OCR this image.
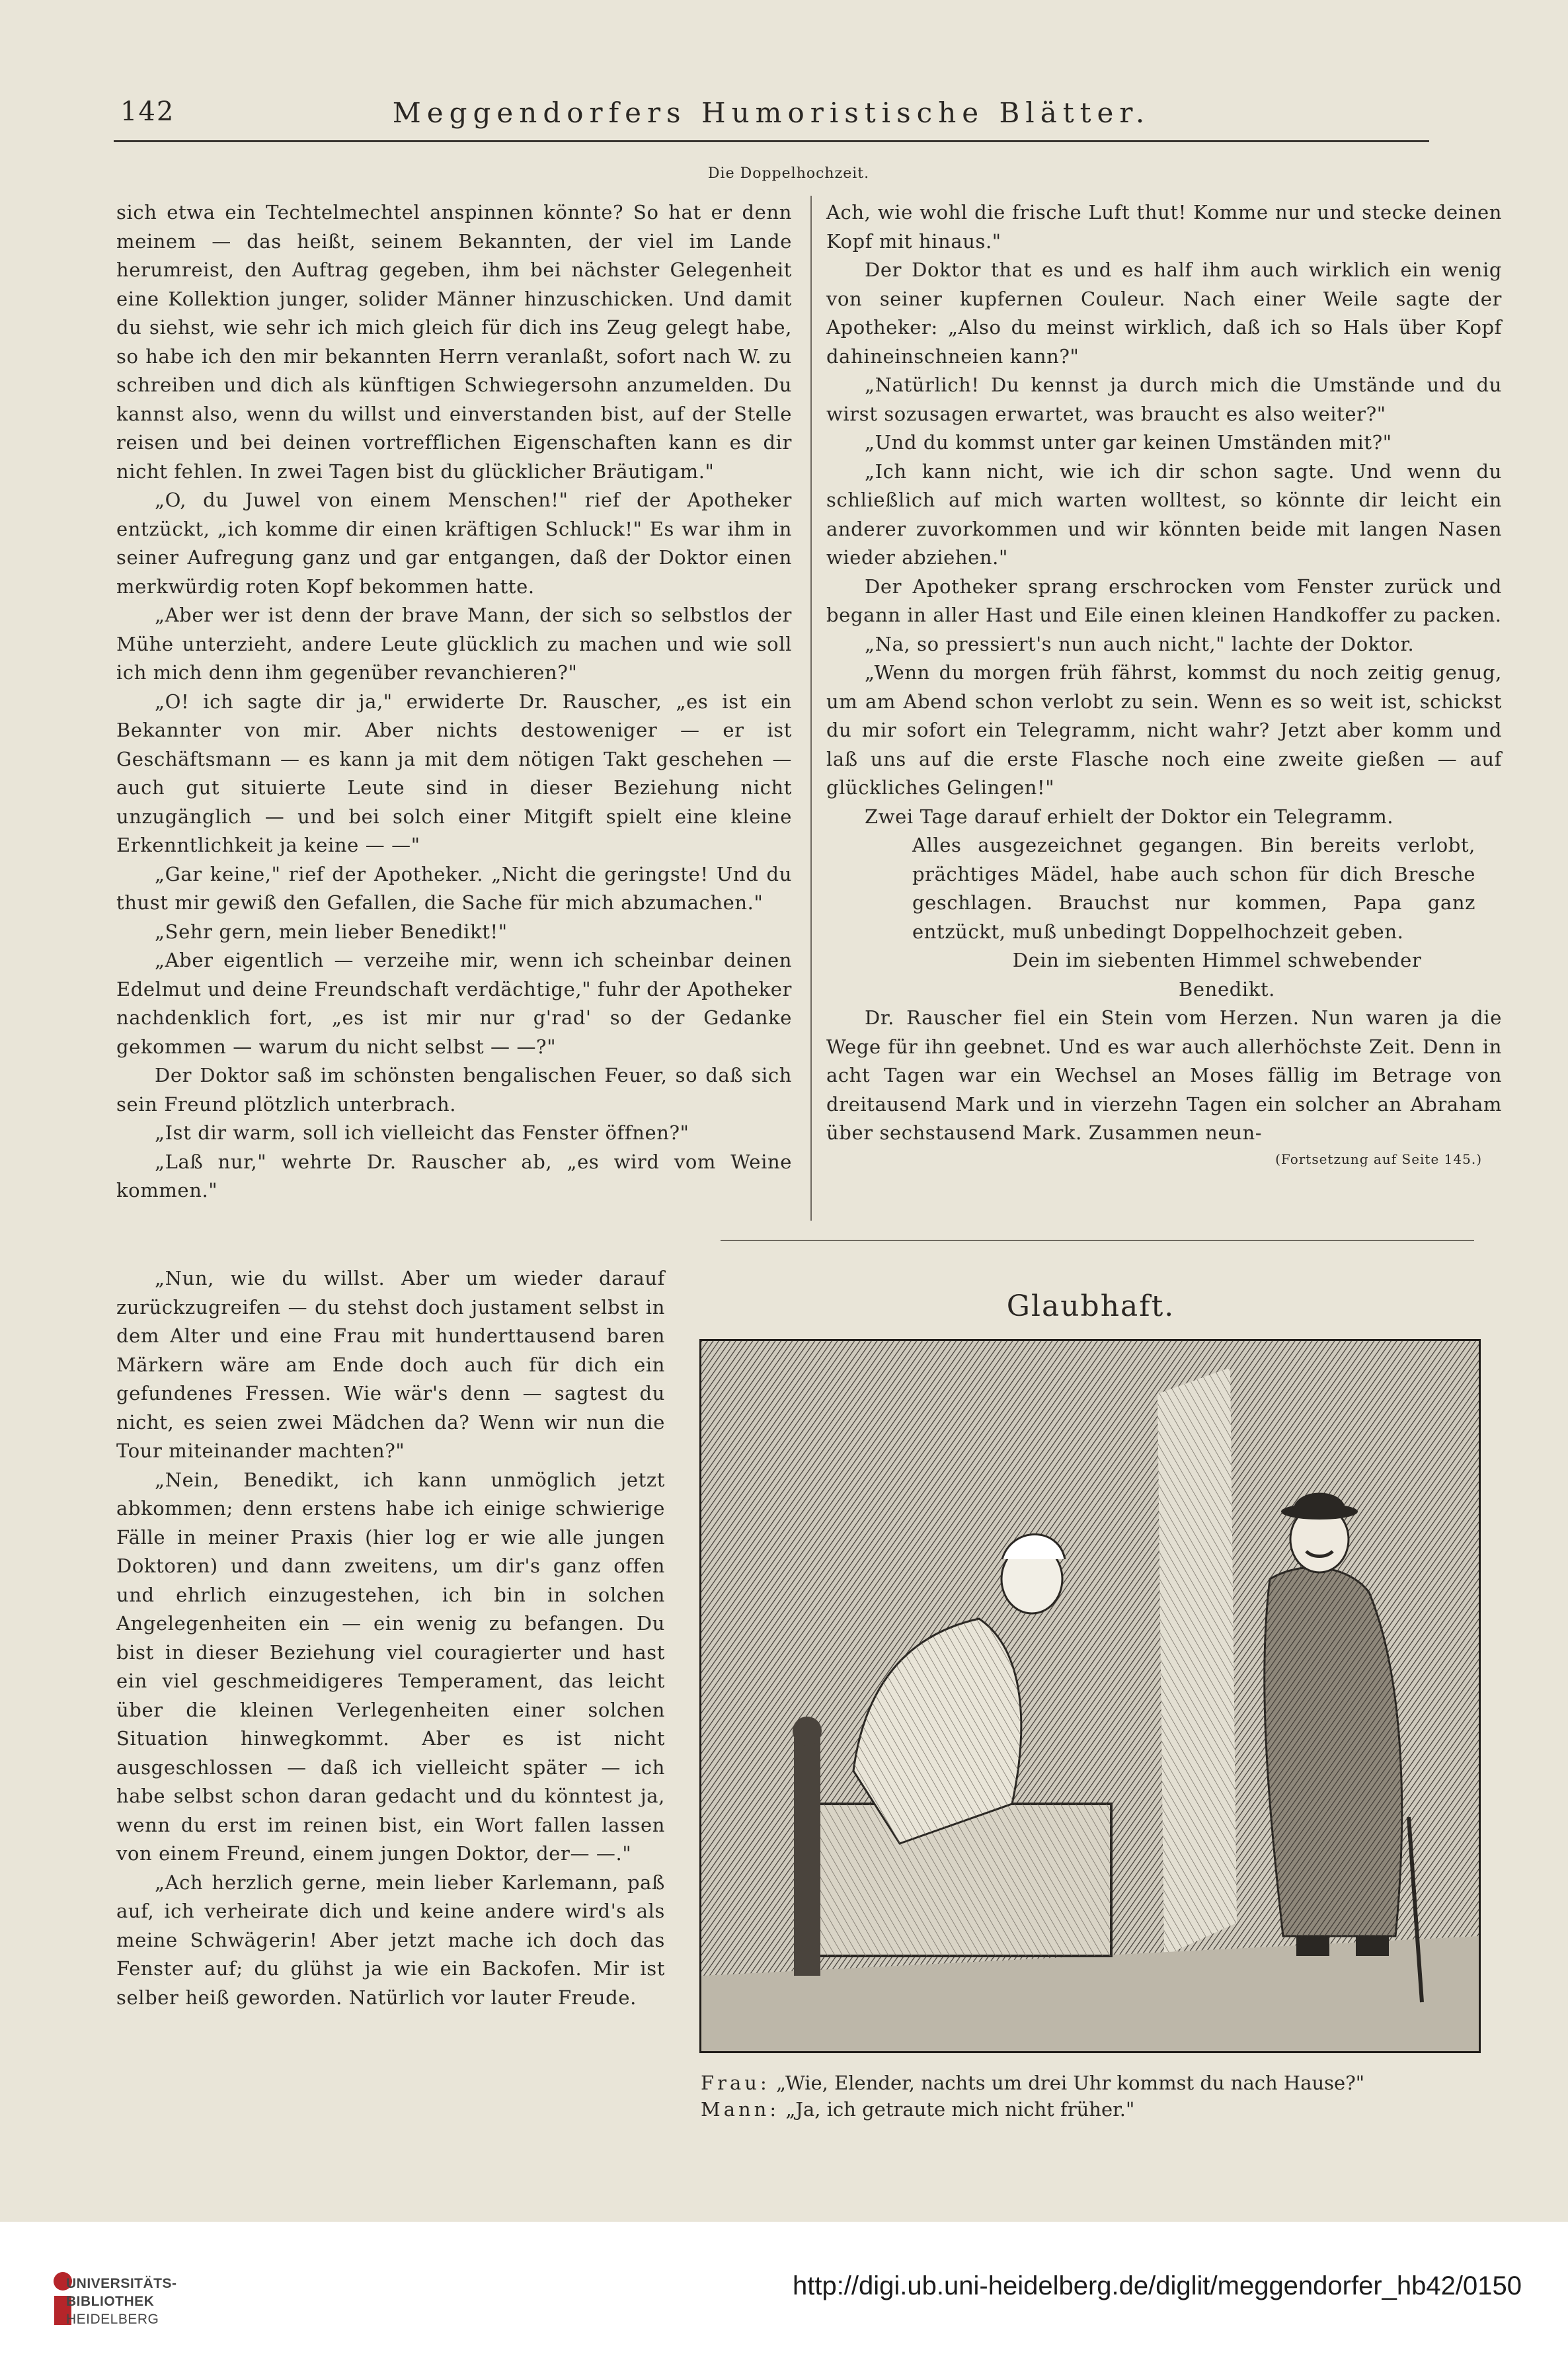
142	Meggendorfers Humoristische Blätter.
Die Doppelhochzeit.

sich etwa ein Techtelmechtel anspinnen könnte? So hat er denn meinem — das heißt, seinem Bekannten, der viel im Lande herumreist, den Auftrag gegeben, ihm bei nächster Gelegenheit eine Kollektion junger, solider Männer hinzuschicken. Und damit du siehst, wie sehr ich mich gleich für dich ins Zeug gelegt habe, so habe ich den mir bekannten Herrn veranlaßt, sofort nach W. zu schreiben und dich als künftigen Schwiegersohn anzumelden. Du kannst also, wenn du willst und einverstanden bist, auf der Stelle reisen und bei deinen vortrefflichen Eigenschaften kann es dir nicht fehlen. In zwei Tagen bist du glücklicher Bräutigam."

„O, du Juwel von einem Menschen!" rief der Apotheker entzückt, „ich komme dir einen kräftigen Schluck!" Es war ihm in seiner Aufregung ganz und gar entgangen, daß der Doktor einen merkwürdig roten Kopf bekommen hatte.

„Aber wer ist denn der brave Mann, der sich so selbstlos der Mühe unterzieht, andere Leute glücklich zu machen und wie soll ich mich denn ihm gegenüber revanchieren?"

„O! ich sagte dir ja," erwiderte Dr. Rauscher, „es ist ein Bekannter von mir. Aber nichts destoweniger — er ist Geschäftsmann — es kann ja mit dem nötigen Takt geschehen — auch gut situierte Leute sind in dieser Beziehung nicht unzugänglich — und bei solch einer Mitgift spielt eine kleine Erkenntlichkeit ja keine — —"

„Gar keine," rief der Apotheker. „Nicht die geringste! Und du thust mir gewiß den Gefallen, die Sache für mich abzumachen."

„Sehr gern, mein lieber Benedikt!"

„Aber eigentlich — verzeihe mir, wenn ich scheinbar deinen Edelmut und deine Freundschaft verdächtige," fuhr der Apotheker nachdenklich fort, „es ist mir nur g'rad' so der Gedanke gekommen — warum du nicht selbst — —?"

Der Doktor saß im schönsten bengalischen Feuer, so daß sich sein Freund plötzlich unterbrach.

„Ist dir warm, soll ich vielleicht das Fenster öffnen?"

„Laß nur," wehrte Dr. Rauscher ab, „es wird vom Weine kommen."

Ach, wie wohl die frische Luft thut! Komme nur und stecke deinen Kopf mit hinaus."

Der Doktor that es und es half ihm auch wirklich ein wenig von seiner kupfernen Couleur. Nach einer Weile sagte der Apotheker: „Also du meinst wirklich, daß ich so Hals über Kopf dahineinschneien kann?"

„Natürlich! Du kennst ja durch mich die Umstände und du wirst sozusagen erwartet, was braucht es also weiter?"

„Und du kommst unter gar keinen Umständen mit?"

„Ich kann nicht, wie ich dir schon sagte. Und wenn du schließlich auf mich warten wolltest, so könnte dir leicht ein anderer zuvorkommen und wir könnten beide mit langen Nasen wieder abziehen."

Der Apotheker sprang erschrocken vom Fenster zurück und begann in aller Hast und Eile einen kleinen Handkoffer zu packen.

„Na, so pressiert's nun auch nicht," lachte der Doktor.

„Wenn du morgen früh fährst, kommst du noch zeitig genug, um am Abend schon verlobt zu sein. Wenn es so weit ist, schickst du mir sofort ein Telegramm, nicht wahr? Jetzt aber komm und laß uns auf die erste Flasche noch eine zweite gießen — auf glückliches Gelingen!"

Zwei Tage darauf erhielt der Doktor ein Telegramm.

Alles ausgezeichnet gegangen. Bin bereits verlobt, prächtiges Mädel, habe auch schon für dich Bresche geschlagen. Brauchst nur kommen, Papa ganz entzückt, muß unbedingt Doppelhochzeit geben.

Dein im siebenten Himmel schwebender

Benedikt.

Dr. Rauscher fiel ein Stein vom Herzen. Nun waren ja die Wege für ihn geebnet. Und es war auch allerhöchste Zeit. Denn in acht Tagen war ein Wechsel an Moses fällig im Betrage von dreitausend Mark und in vierzehn Tagen ein solcher an Abraham über sechstausend Mark. Zusammen neun-

(Fortsetzung auf Seite 145.)

„Nun, wie du willst. Aber um wieder darauf zurückzugreifen — du stehst doch justament selbst in dem Alter und eine Frau mit hunderttausend baren Märkern wäre am Ende doch auch für dich ein gefundenes Fressen. Wie wär's denn — sagtest du nicht, es seien zwei Mädchen da? Wenn wir nun die Tour miteinander machten?"

„Nein, Benedikt, ich kann unmöglich jetzt abkommen; denn erstens habe ich einige schwierige Fälle in meiner Praxis (hier log er wie alle jungen Doktoren) und dann zweitens, um dir's ganz offen und ehrlich einzugestehen, ich bin in solchen Angelegenheiten ein — ein wenig zu befangen. Du bist in dieser Beziehung viel couragierter und hast ein viel geschmeidigeres Temperament, das leicht über die kleinen Verlegenheiten einer solchen Situation hinwegkommt. Aber es ist nicht ausgeschlossen — daß ich vielleicht später — ich habe selbst schon daran gedacht und du könntest ja, wenn du erst im reinen bist, ein Wort fallen lassen von einem Freund, einem jungen Doktor, der— —."

„Ach herzlich gerne, mein lieber Karlemann, paß auf, ich verheirate dich und keine andere wird's als meine Schwägerin! Aber jetzt mache ich doch das Fenster auf; du glühst ja wie ein Backofen. Mir ist selber heiß geworden. Natürlich vor lauter Freude.

Glaubhaft.
Frau: „Wie, Elender, nachts um drei Uhr kommst du nach Hause?"
Mann: „Ja, ich getraute mich nicht früher."
UNIVERSITÄTS-
BIBLIOTHEK
HEIDELBERG
http://digi.ub.uni-heidelberg.de/diglit/meggendorfer_hb42/0150
